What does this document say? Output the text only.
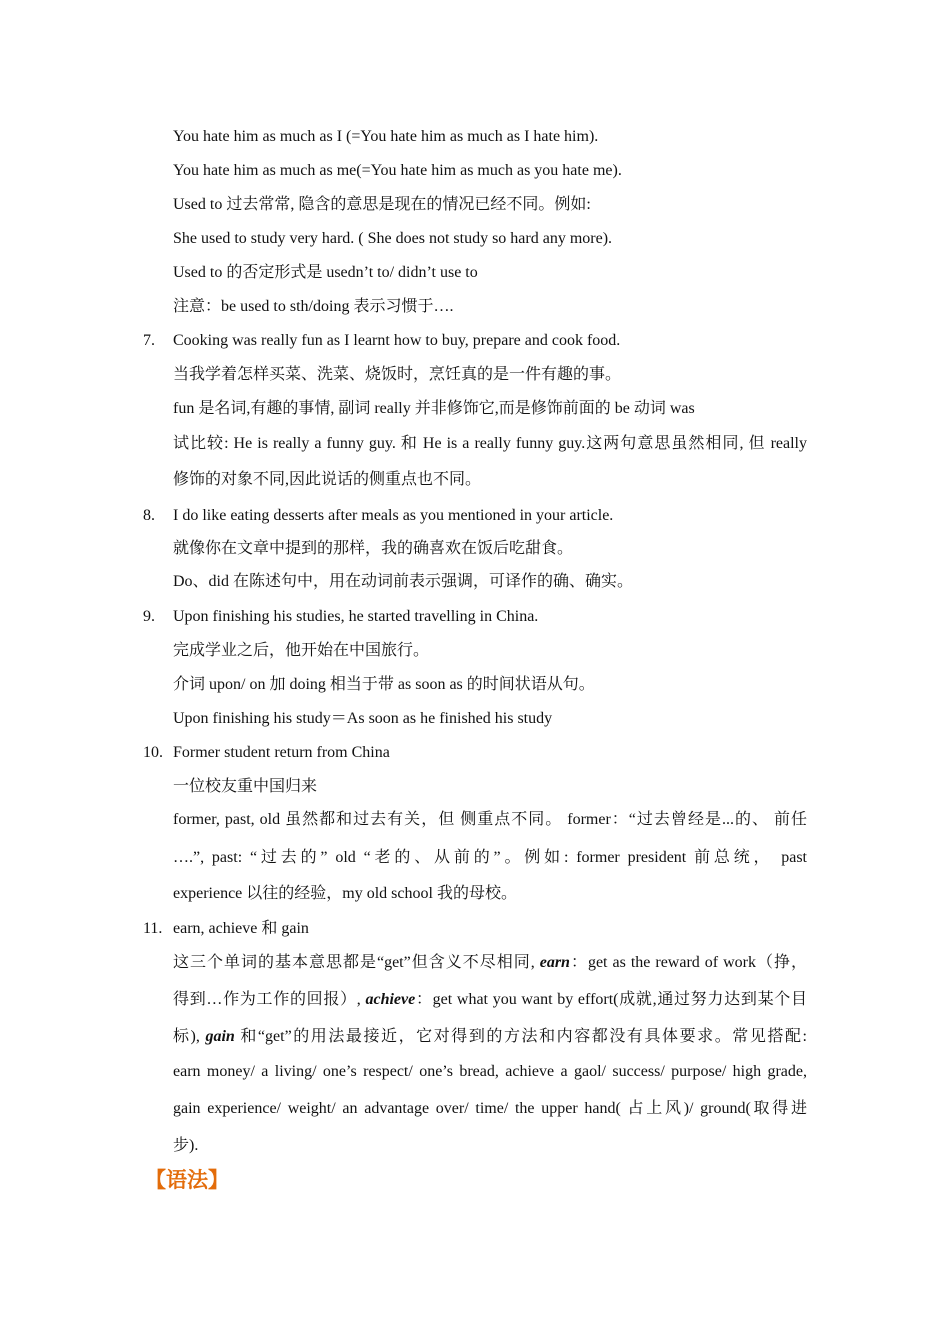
You hate him as much as I (=You hate him as much as I hate him).
You hate him as much as me(=You hate him as much as you hate me).
Used to 过去常常, 隐含的意思是现在的情况已经不同。例如:
She used to study very hard. ( She does not study so hard any more).
Used to 的否定形式是 usedn’t to/ didn’t use to
注意：be used to sth/doing 表示习惯于….
7. Cooking was really fun as I learnt how to buy, prepare and cook food.
当我学着怎样买菜、洗菜、烧饭时，烹饪真的是一件有趣的事。
fun 是名词,有趣的事情, 副词 really 并非修饰它,而是修饰前面的 be 动词 was
试比较: He is really a funny guy. 和 He is a really funny guy.这两句意思虽然相同, 但 really
修饰的对象不同,因此说话的侧重点也不同。
8. I do like eating desserts after meals as you mentioned in your article.
就像你在文章中提到的那样，我的确喜欢在饭后吃甜食。
Do、did 在陈述句中，用在动词前表示强调，可译作的确、确实。
9. Upon finishing his studies, he started travelling in China.
完成学业之后，他开始在中国旅行。
介词 upon/ on 加 doing 相当于带 as soon as 的时间状语从句。
Upon finishing his study＝As soon as he finished his study
10. Former student return from China
一位校友重中国归来
former, past, old 虽然都和过去有关，但 侧重点不同。 former：“过去曾经是...的、 前任
….”, past: “过去的” old “老的、从前的”。例如: former president 前总统， past
experience 以往的经验，my old school 我的母校。
11. earn, achieve 和 gain
这三个单词的基本意思都是“get”但含义不尽相同, earn：get as the reward of work（挣，
得到…作为工作的回报）, achieve：get what you want by effort(成就,通过努力达到某个目
标), gain 和“get”的用法最接近，它对得到的方法和内容都没有具体要求。常见搭配:
earn money/ a living/ one’s respect/ one’s bread, achieve a gaol/ success/ purpose/ high grade,
gain experience/ weight/ an advantage over/ time/ the upper hand( 占上风)/ ground(取得进
步).
【语法】
